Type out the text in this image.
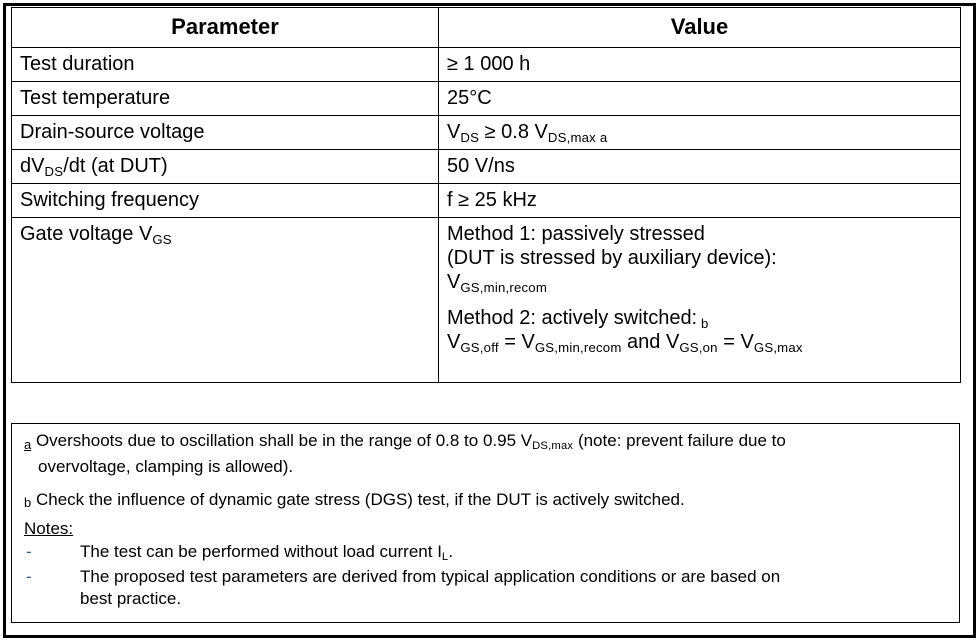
Parameter	Value
Test duration	≥ 1 000 h
Test temperature	25°C
Drain-source voltage	VDS ≥ 0.8 VDS,max a
dVDS/dt (at DUT)	50 V/ns
Switching frequency	f ≥ 25 kHz
Gate voltage VGS	Method 1: passively stressed

(DUT is stressed by auxiliary device):

VGS,min,recom

Method 2: actively switched: b

VGS,off = VGS,min,recom and VGS,on = VGS,max

a Overshoots due to oscillation shall be in the range of 0.8 to 0.95 VDS,max (note: prevent failure due to

overvoltage, clamping is allowed).

b Check the influence of dynamic gate stress (DGS) test, if the DUT is actively switched.

Notes:

-	The test can be performed without load current IL.
-	The proposed test parameters are derived from typical application conditions or are based on
best practice.
